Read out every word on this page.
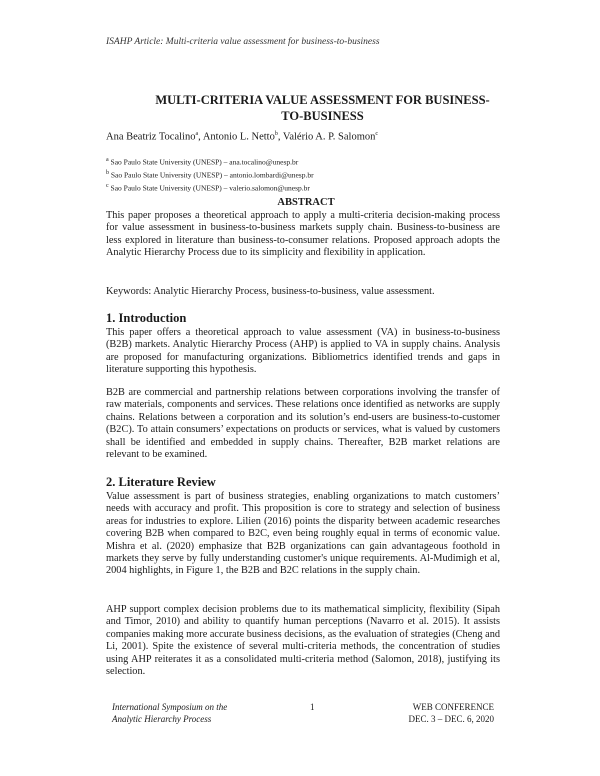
ISAHP Article: Multi-criteria value assessment for business-to-business
MULTI-CRITERIA VALUE ASSESSMENT FOR BUSINESS-
TO-BUSINESS
Ana Beatriz Tocalino$^a$, Antonio L. Netto$^b$, Valério A. P. Salomon$^c$
$^a$ Sao Paulo State University (UNESP) – ana.tocalino@unesp.br
$^b$ Sao Paulo State University (UNESP) – antonio.lombardi@unesp.br
$^c$ Sao Paulo State University (UNESP) – valerio.salomon@unesp.br
ABSTRACT

This paper proposes a theoretical approach to apply a multi-criteria decision-making process for value assessment in business-to-business markets supply chain. Business-to-business are less explored in literature than business-to-consumer relations. Proposed approach adopts the Analytic Hierarchy Process due to its simplicity and flexibility in application.

Keywords: Analytic Hierarchy Process, business-to-business, value assessment.

1. Introduction

This paper offers a theoretical approach to value assessment (VA) in business-to-business (B2B) markets. Analytic Hierarchy Process (AHP) is applied to VA in supply chains. Analysis are proposed for manufacturing organizations. Bibliometrics identified trends and gaps in literature supporting this hypothesis.

B2B are commercial and partnership relations between corporations involving the transfer of raw materials, components and services. These relations once identified as networks are supply chains. Relations between a corporation and its solution’s end-users are business-to-customer (B2C). To attain consumers’ expectations on products or services, what is valued by customers shall be identified and embedded in supply chains. Thereafter, B2B market relations are relevant to be examined.

2. Literature Review

Value assessment is part of business strategies, enabling organizations to match customers’ needs with accuracy and profit. This proposition is core to strategy and selection of business areas for industries to explore. Lilien (2016) points the disparity between academic researches covering B2B when compared to B2C, even being roughly equal in terms of economic value. Mishra et al. (2020) emphasize that B2B organizations can gain advantageous foothold in markets they serve by fully understanding customer's unique requirements. Al-Mudimigh et al, 2004 highlights, in Figure 1, the B2B and B2C relations in the supply chain.

AHP support complex decision problems due to its mathematical simplicity, flexibility (Sipah and Timor, 2010) and ability to quantify human perceptions (Navarro et al. 2015). It assists companies making more accurate business decisions, as the evaluation of strategies (Cheng and Li, 2001). Spite the existence of several multi-criteria methods, the concentration of studies using AHP reiterates it as a consolidated multi-criteria method (Salomon, 2018), justifying its selection.

International Symposium on the
Analytic Hierarchy Process
1	WEB CONFERENCE
DEC. 3 – DEC. 6, 2020
